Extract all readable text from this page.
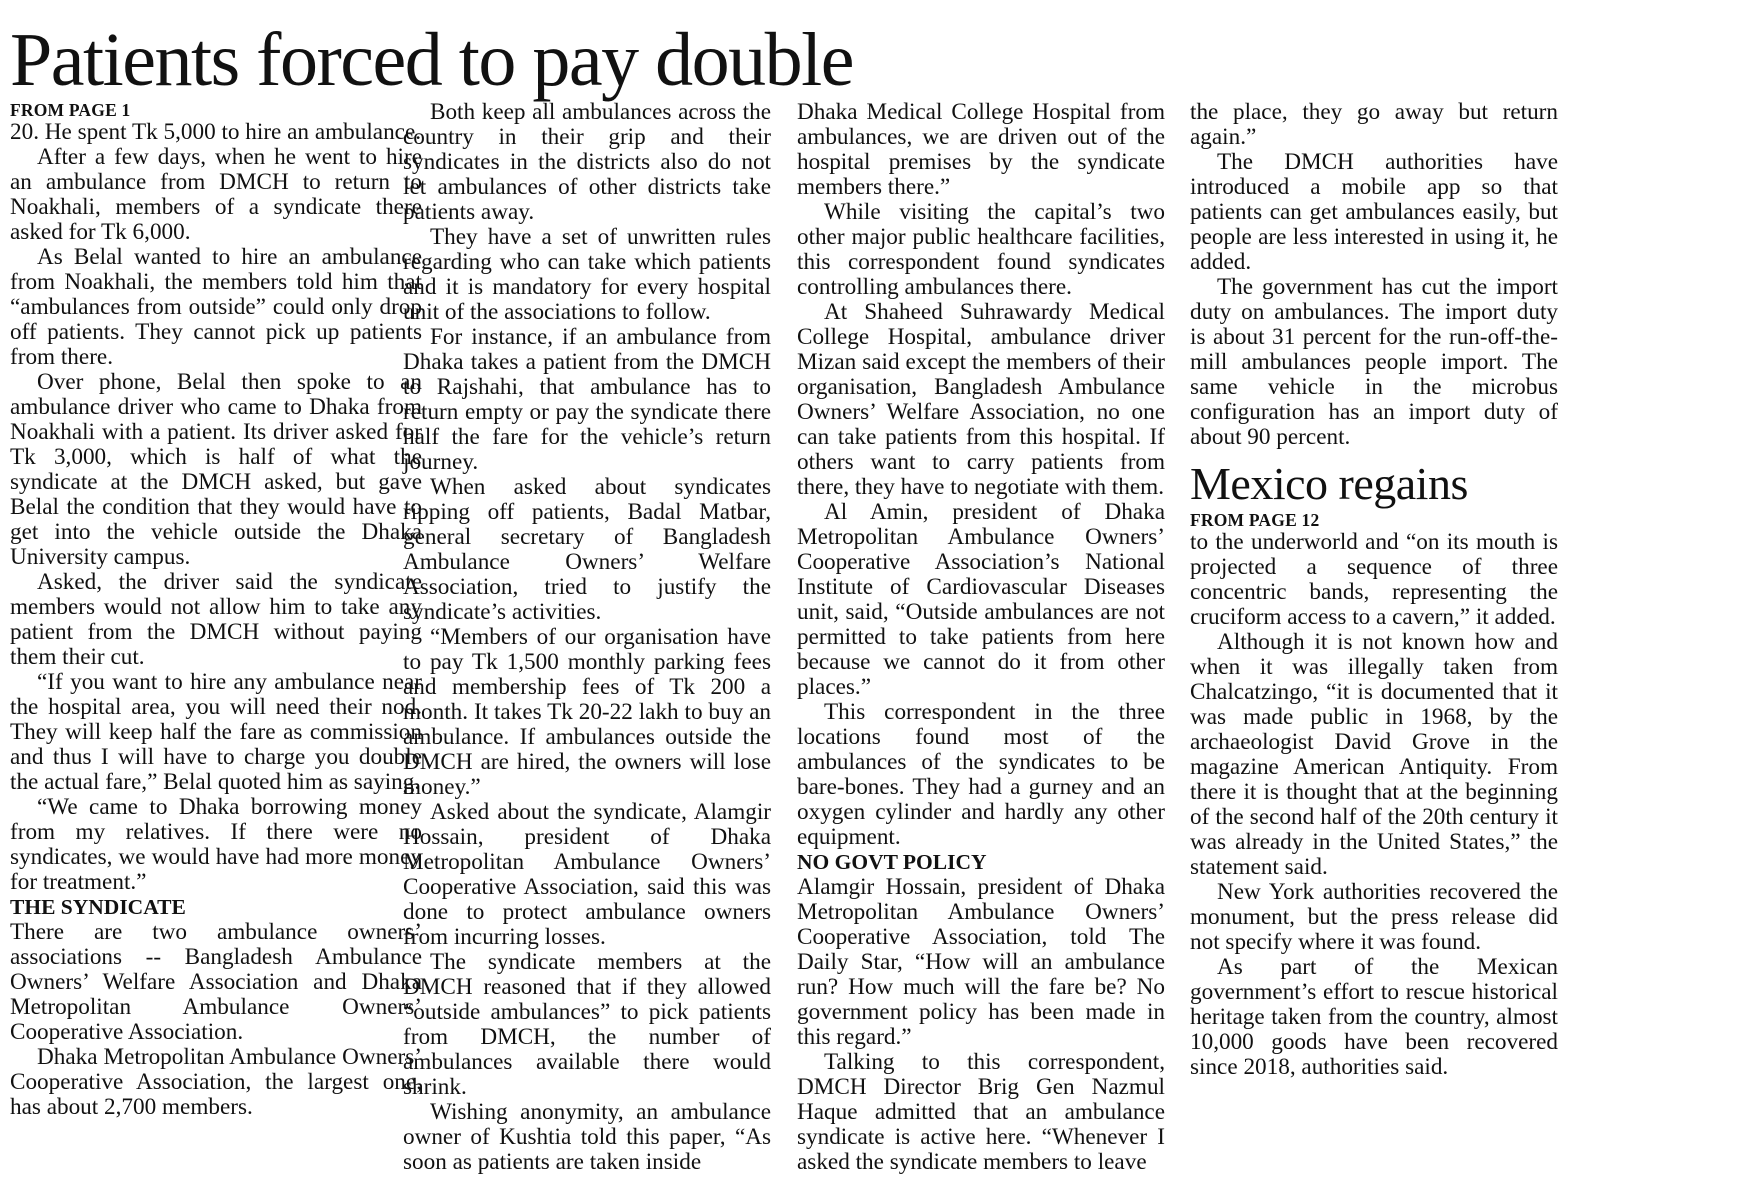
Patients forced to pay double
FROM PAGE 1

20. He spent Tk 5,000 to hire an ambulance.

After a few days, when he went to hire an ambulance from DMCH to return to Noakhali, members of a syndicate there asked for Tk 6,000.

As Belal wanted to hire an ambulance from Noakhali, the members told him that “ambulances from outside” could only drop off patients. They cannot pick up patients from there.

Over phone, Belal then spoke to an ambulance driver who came to Dhaka from Noakhali with a patient. Its driver asked for Tk 3,000, which is half of what the syndicate at the DMCH asked, but gave Belal the condition that they would have to get into the vehicle outside the Dhaka University campus.

Asked, the driver said the syndicate members would not allow him to take any patient from the DMCH without paying them their cut.

“If you want to hire any ambulance near the hospital area, you will need their nod. They will keep half the fare as commission and thus I will have to charge you double the actual fare,” Belal quoted him as saying.

“We came to Dhaka borrowing money from my relatives. If there were no syndicates, we would have had more money for treatment.”

THE SYNDICATE

There are two ambulance owners’ associations -- Bangladesh Ambulance Owners’ Welfare Association and Dhaka Metropolitan Ambulance Owners’ Cooperative Association.

Dhaka Metropolitan Ambulance Owners’ Cooperative Association, the largest one, has about 2,700 members.

Both keep all ambulances across the country in their grip and their syndicates in the districts also do not let ambulances of other districts take patients away.

They have a set of unwritten rules regarding who can take which patients and it is mandatory for every hospital unit of the associations to follow.

For instance, if an ambulance from Dhaka takes a patient from the DMCH to Rajshahi, that ambulance has to return empty or pay the syndicate there half the fare for the vehicle’s return journey.

When asked about syndicates ripping off patients, Badal Matbar, general secretary of Bangladesh Ambulance Owners’ Welfare Association, tried to justify the syndicate’s activities.

“Members of our organisation have to pay Tk 1,500 monthly parking fees and membership fees of Tk 200 a month. It takes Tk 20-22 lakh to buy an ambulance. If ambulances outside the DMCH are hired, the owners will lose money.”

Asked about the syndicate, Alamgir Hossain, president of Dhaka Metropolitan Ambulance Owners’ Cooperative Association, said this was done to protect ambulance owners from incurring losses.

The syndicate members at the DMCH reasoned that if they allowed “outside ambulances” to pick patients from DMCH, the number of ambulances available there would shrink.

Wishing anonymity, an ambulance owner of Kushtia told this paper, “As soon as patients are taken inside

Dhaka Medical College Hospital from ambulances, we are driven out of the hospital premises by the syndicate members there.”

While visiting the capital’s two other major public healthcare facilities, this correspondent found syndicates controlling ambulances there.

At Shaheed Suhrawardy Medical College Hospital, ambulance driver Mizan said except the members of their organisation, Bangladesh Ambulance Owners’ Welfare Association, no one can take patients from this hospital. If others want to carry patients from there, they have to negotiate with them.

Al Amin, president of Dhaka Metropolitan Ambulance Owners’ Cooperative Association’s National Institute of Cardiovascular Diseases unit, said, “Outside ambulances are not permitted to take patients from here because we cannot do it from other places.”

This correspondent in the three locations found most of the ambulances of the syndicates to be bare-bones. They had a gurney and an oxygen cylinder and hardly any other equipment.

NO GOVT POLICY

Alamgir Hossain, president of Dhaka Metropolitan Ambulance Owners’ Cooperative Association, told The Daily Star, “How will an ambulance run? How much will the fare be? No government policy has been made in this regard.”

Talking to this correspondent, DMCH Director Brig Gen Nazmul Haque admitted that an ambulance syndicate is active here. “Whenever I asked the syndicate members to leave

the place, they go away but return again.”

The DMCH authorities have introduced a mobile app so that patients can get ambulances easily, but people are less interested in using it, he added.

The government has cut the import duty on ambulances. The import duty is about 31 percent for the run-off-the-mill ambulances people import. The same vehicle in the microbus configuration has an import duty of about 90 percent.

Mexico regains
FROM PAGE 12

to the underworld and “on its mouth is projected a sequence of three concentric bands, representing the cruciform access to a cavern,” it added.

Although it is not known how and when it was illegally taken from Chalcatzingo, “it is documented that it was made public in 1968, by the archaeologist David Grove in the magazine American Antiquity. From there it is thought that at the beginning of the second half of the 20th century it was already in the United States,” the statement said.

New York authorities recovered the monument, but the press release did not specify where it was found.

As part of the Mexican government’s effort to rescue historical heritage taken from the country, almost 10,000 goods have been recovered since 2018, authorities said.
